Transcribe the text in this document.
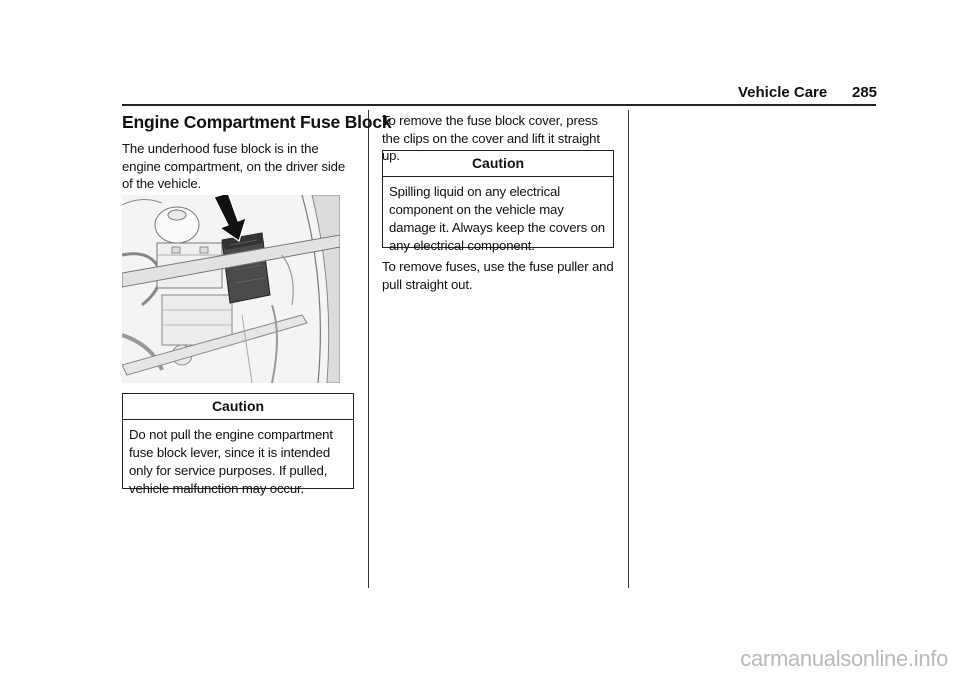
Vehicle Care 285
Engine Compartment Fuse Block
The underhood fuse block is in the engine compartment, on the driver side of the vehicle.
Caution
Do not pull the engine compartment fuse block lever, since it is intended only for service purposes. If pulled, vehicle malfunction may occur.
To remove the fuse block cover, press the clips on the cover and lift it straight up.	Caution
Spilling liquid on any electrical component on the vehicle may damage it. Always keep the covers on any electrical component.
To remove fuses, use the fuse puller and pull straight out.
carmanualsonline.info
